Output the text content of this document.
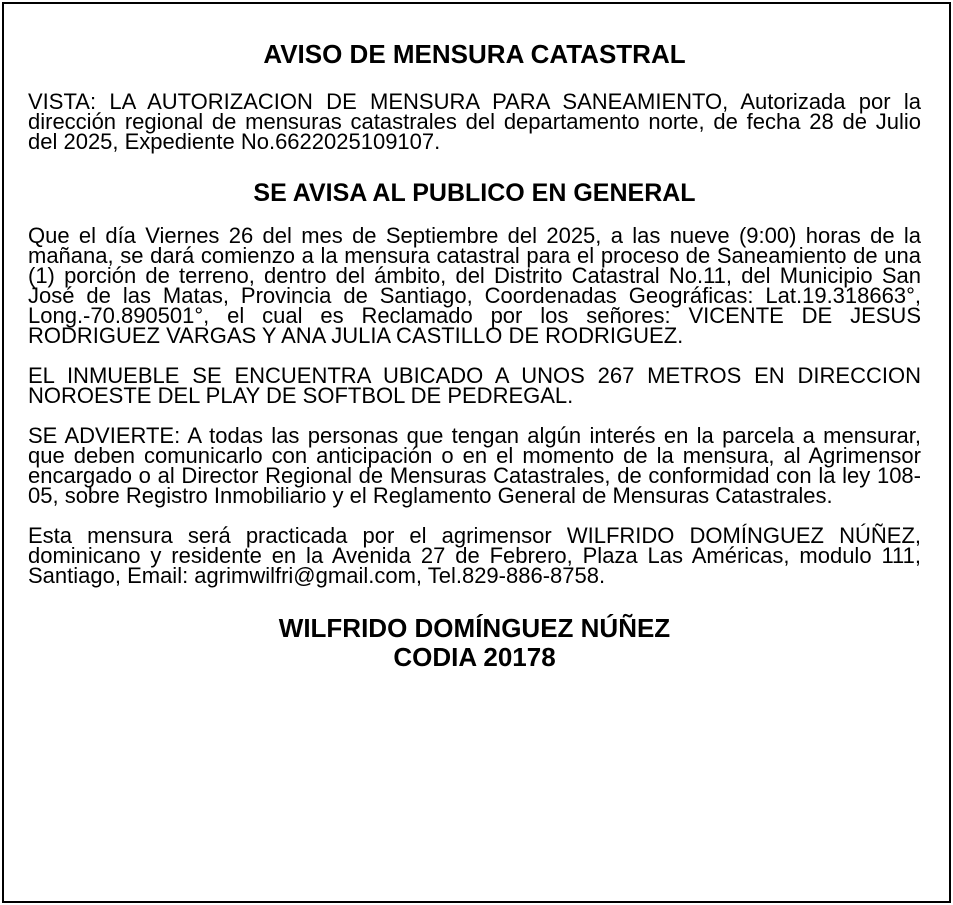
AVISO DE MENSURA CATASTRAL

VISTA: LA AUTORIZACION DE MENSURA PARA SANEAMIENTO, Autorizada por la dirección regional de mensuras catastrales del departamento norte, de fecha 28 de Julio del 2025, Expediente No.6622025109107.

SE AVISA AL PUBLICO EN GENERAL

Que el día Viernes 26 del mes de Septiembre del 2025, a las nueve (9:00) horas de la mañana, se dará comienzo a la mensura catastral para el proceso de Saneamiento de una (1) porción de terreno, dentro del ámbito, del Distrito Catastral No.11, del Municipio San José de las Matas, Provincia de Santiago, Coordenadas Geográficas: Lat.19.318663°, Long.-70.890501°, el cual es Reclamado por los señores: VICENTE DE JESUS RODRIGUEZ VARGAS Y ANA JULIA CASTILLO DE RODRIGUEZ.

EL INMUEBLE SE ENCUENTRA UBICADO A UNOS 267 METROS EN DIRECCION NOROESTE DEL PLAY DE SOFTBOL DE PEDREGAL.

SE ADVIERTE: A todas las personas que tengan algún interés en la parcela a mensurar, que deben comunicarlo con anticipación o en el momento de la mensura, al Agrimensor encargado o al Director Regional de Mensuras Catastrales, de conformidad con la ley 108-05, sobre Registro Inmobiliario y el Reglamento General de Mensuras Catastrales.

Esta mensura será practicada por el agrimensor WILFRIDO DOMÍNGUEZ NÚÑEZ, dominicano y residente en la Avenida 27 de Febrero, Plaza Las Américas, modulo 111, Santiago, Email: agrimwilfri@gmail.com, Tel.829-886-8758.

WILFRIDO DOMÍNGUEZ NÚÑEZ
CODIA 20178
